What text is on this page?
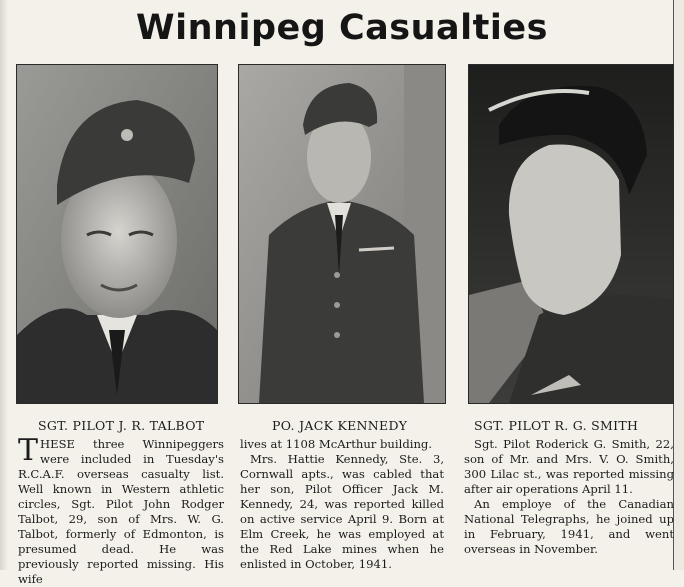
Winnipeg Casualties
SGT. PILOT J. R. TALBOT	PO. JACK KENNEDY	SGT. PILOT R. G. SMITH
T HESE three Winnipeggers were included in Tuesday's R.C.A.F. overseas casualty list. Well known in Western athletic circles, Sgt. Pilot John Rodger Talbot, 29, son of Mrs. W. G. Talbot, formerly of Edmonton, is presumed dead. He was previously reported missing. His wife

lives at 1108 McArthur building.

Mrs. Hattie Kennedy, Ste. 3, Cornwall apts., was cabled that her son, Pilot Officer Jack M. Kennedy, 24, was reported killed on active service April 9. Born at Elm Creek, he was employed at the Red Lake mines when he enlisted in October, 1941.

Sgt. Pilot Roderick G. Smith, 22, son of Mr. and Mrs. V. O. Smith, 300 Lilac st., was reported missing after air operations April 11.

An employe of the Canadian National Telegraphs, he joined up in February, 1941, and went overseas in November.
